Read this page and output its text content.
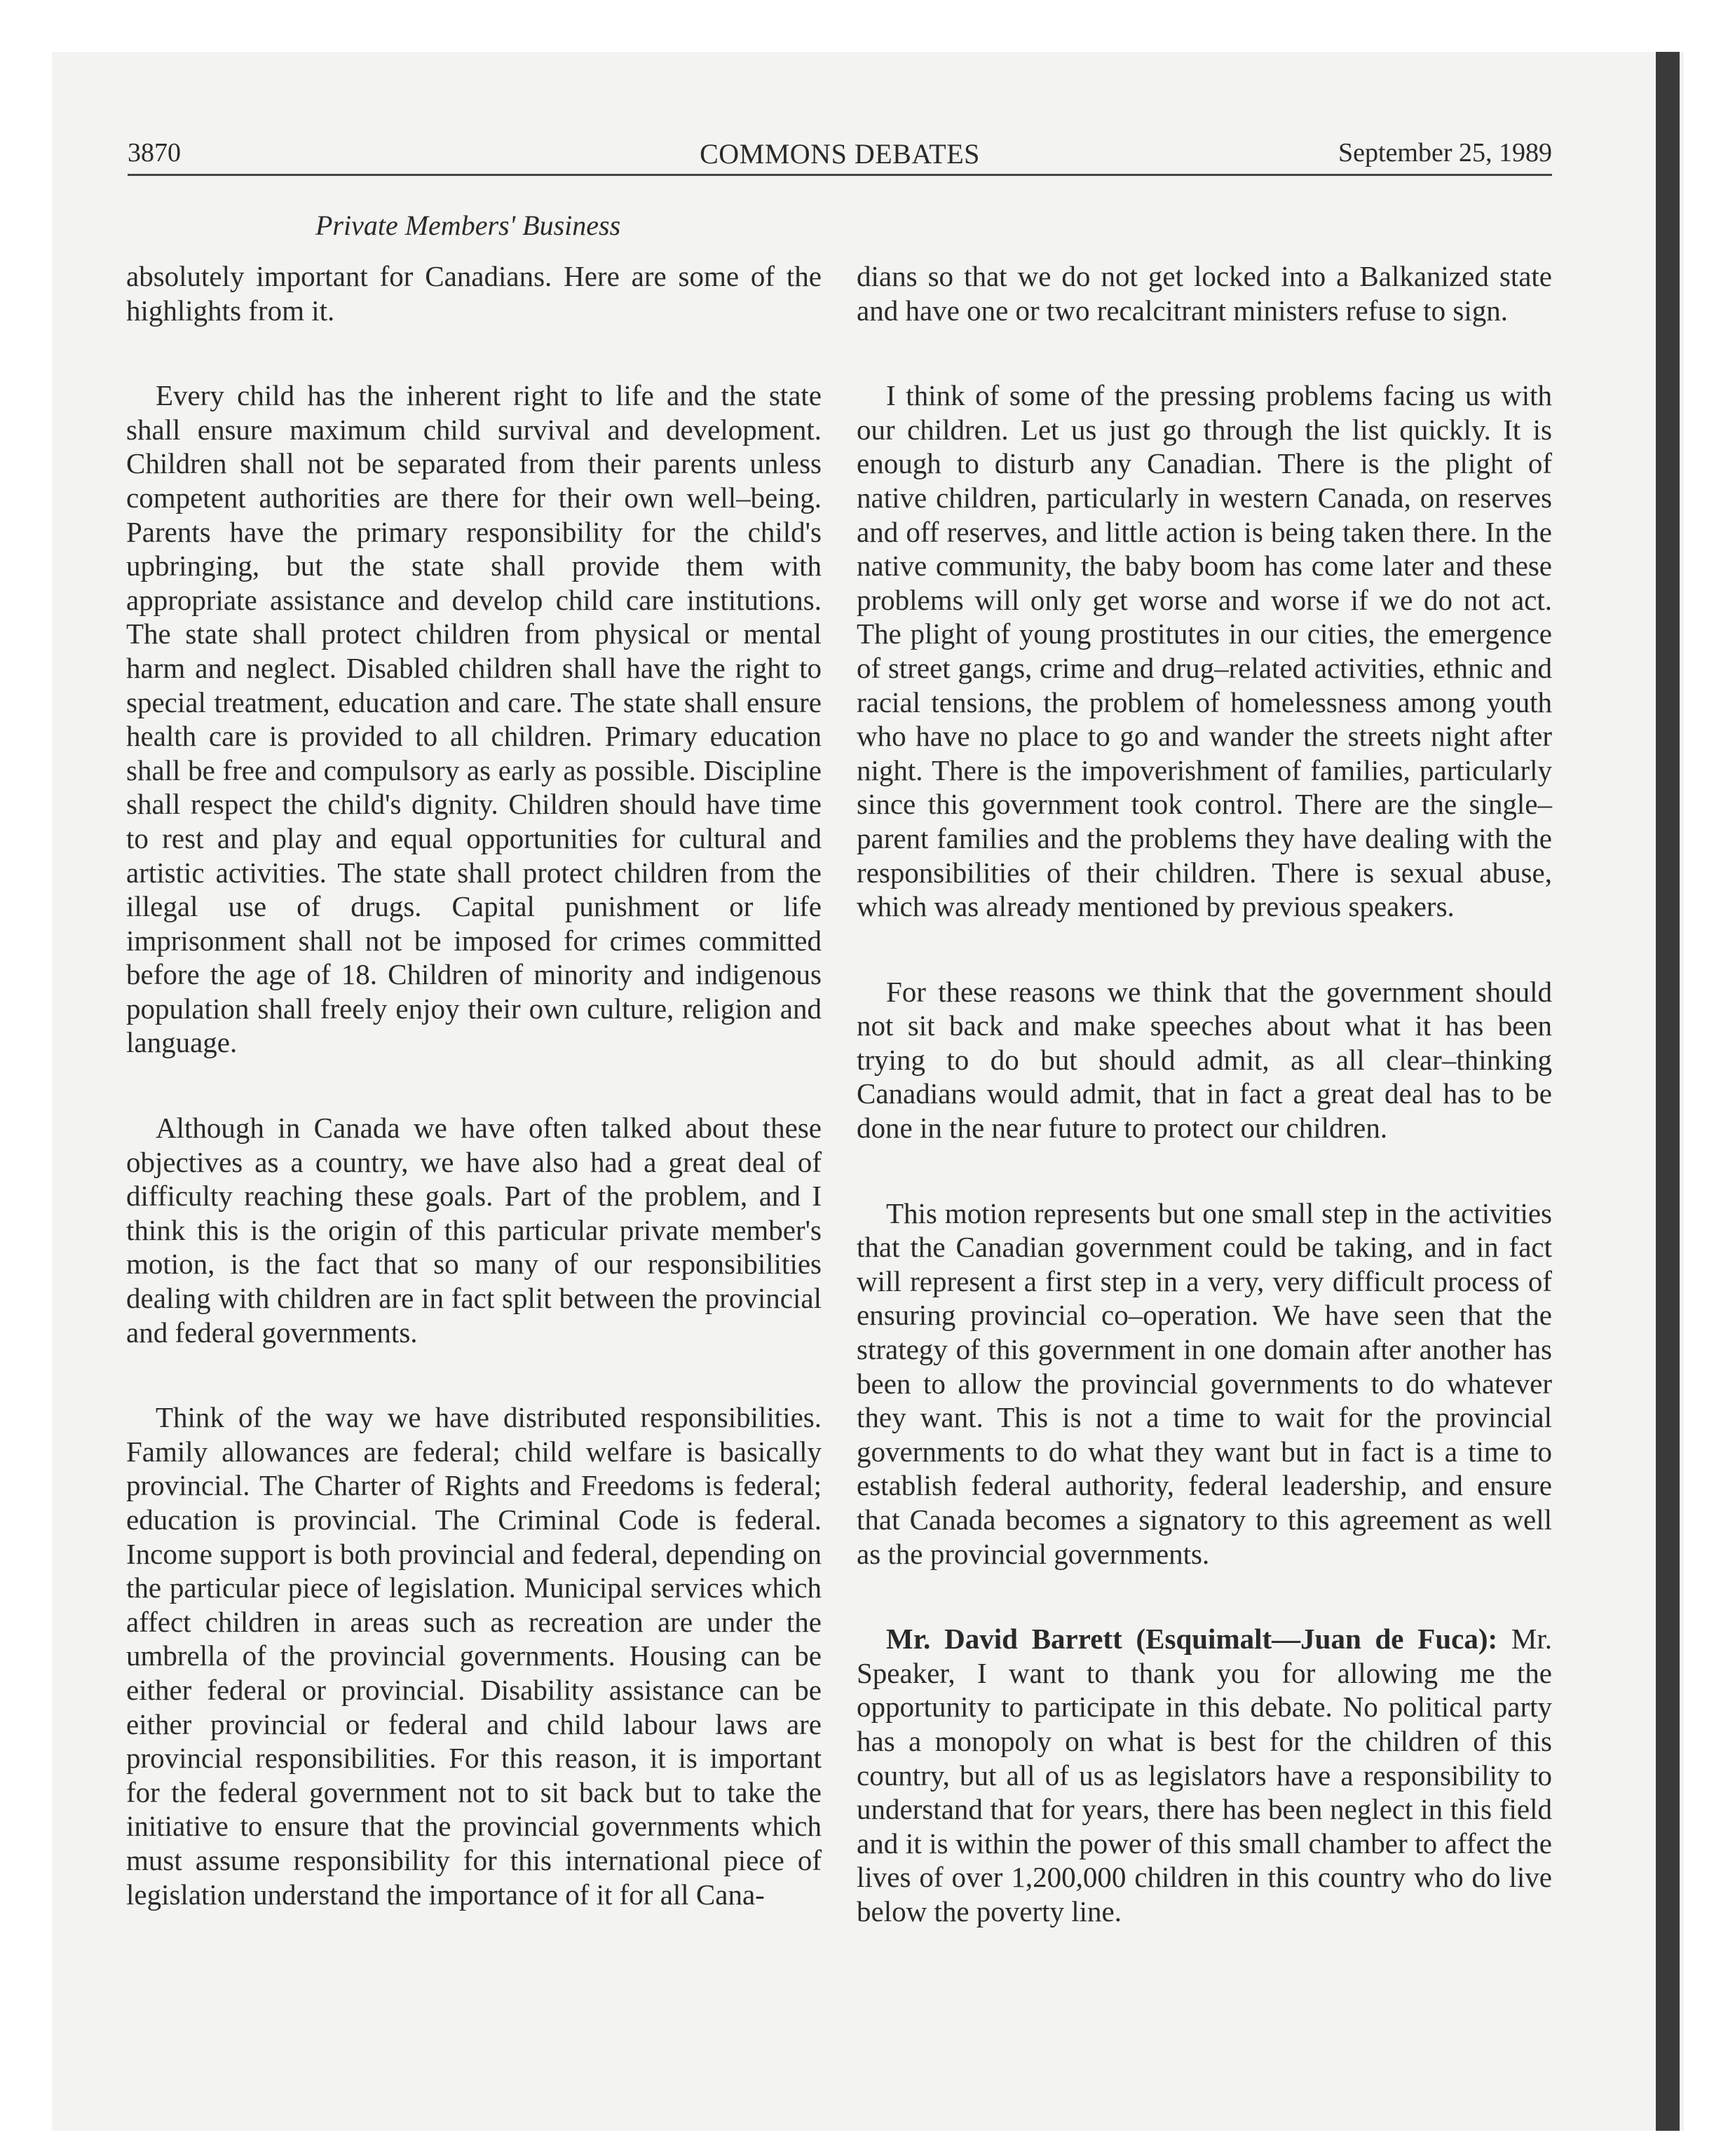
3870	COMMONS DEBATES	September 25, 1989
Private Members' Business

absolutely important for Canadians. Here are some of the highlights from it.

Every child has the inherent right to life and the state shall ensure maximum child survival and development. Children shall not be separated from their parents unless competent authorities are there for their own well–being. Parents have the primary responsibility for the child's upbringing, but the state shall provide them with appropriate assistance and develop child care institutions. The state shall protect children from physical or mental harm and neglect. Disabled children shall have the right to special treatment, education and care. The state shall ensure health care is provided to all children. Primary education shall be free and compulsory as early as possible. Discipline shall respect the child's dignity. Children should have time to rest and play and equal opportunities for cultural and artistic activities. The state shall protect children from the illegal use of drugs. Capital punishment or life imprisonment shall not be imposed for crimes committed before the age of 18. Children of minority and indigenous population shall freely enjoy their own culture, religion and language.

Although in Canada we have often talked about these objectives as a country, we have also had a great deal of difficulty reaching these goals. Part of the problem, and I think this is the origin of this particular private member's motion, is the fact that so many of our responsibilities dealing with children are in fact split between the provincial and federal governments.

Think of the way we have distributed responsibilities. Family allowances are federal; child welfare is basically provincial. The Charter of Rights and Freedoms is federal; education is provincial. The Criminal Code is federal. Income support is both provincial and federal, depending on the particular piece of legislation. Municipal services which affect children in areas such as recreation are under the umbrella of the provincial governments. Housing can be either federal or provincial. Disability assistance can be either provincial or federal and child labour laws are provincial responsibilities. For this reason, it is important for the federal government not to sit back but to take the initiative to ensure that the provincial governments which must assume responsibility for this international piece of legislation understand the importance of it for all Cana-

dians so that we do not get locked into a Balkanized state and have one or two recalcitrant ministers refuse to sign.

I think of some of the pressing problems facing us with our children. Let us just go through the list quickly. It is enough to disturb any Canadian. There is the plight of native children, particularly in western Canada, on reserves and off reserves, and little action is being taken there. In the native community, the baby boom has come later and these problems will only get worse and worse if we do not act. The plight of young prostitutes in our cities, the emergence of street gangs, crime and drug–related activities, ethnic and racial tensions, the problem of homelessness among youth who have no place to go and wander the streets night after night. There is the impoverishment of families, particularly since this government took control. There are the single–parent families and the problems they have dealing with the responsibilities of their children. There is sexual abuse, which was already mentioned by previous speakers.

For these reasons we think that the government should not sit back and make speeches about what it has been trying to do but should admit, as all clear–thinking Canadians would admit, that in fact a great deal has to be done in the near future to protect our children.

This motion represents but one small step in the activities that the Canadian government could be taking, and in fact will represent a first step in a very, very difficult process of ensuring provincial co–operation. We have seen that the strategy of this government in one domain after another has been to allow the provincial governments to do whatever they want. This is not a time to wait for the provincial governments to do what they want but in fact is a time to establish federal authority, federal leadership, and ensure that Canada becomes a signatory to this agreement as well as the provincial governments.

Mr. David Barrett (Esquimalt—Juan de Fuca): Mr. Speaker, I want to thank you for allowing me the opportunity to participate in this debate. No political party has a monopoly on what is best for the children of this country, but all of us as legislators have a responsibility to understand that for years, there has been neglect in this field and it is within the power of this small chamber to affect the lives of over 1,200,000 children in this country who do live below the poverty line.
